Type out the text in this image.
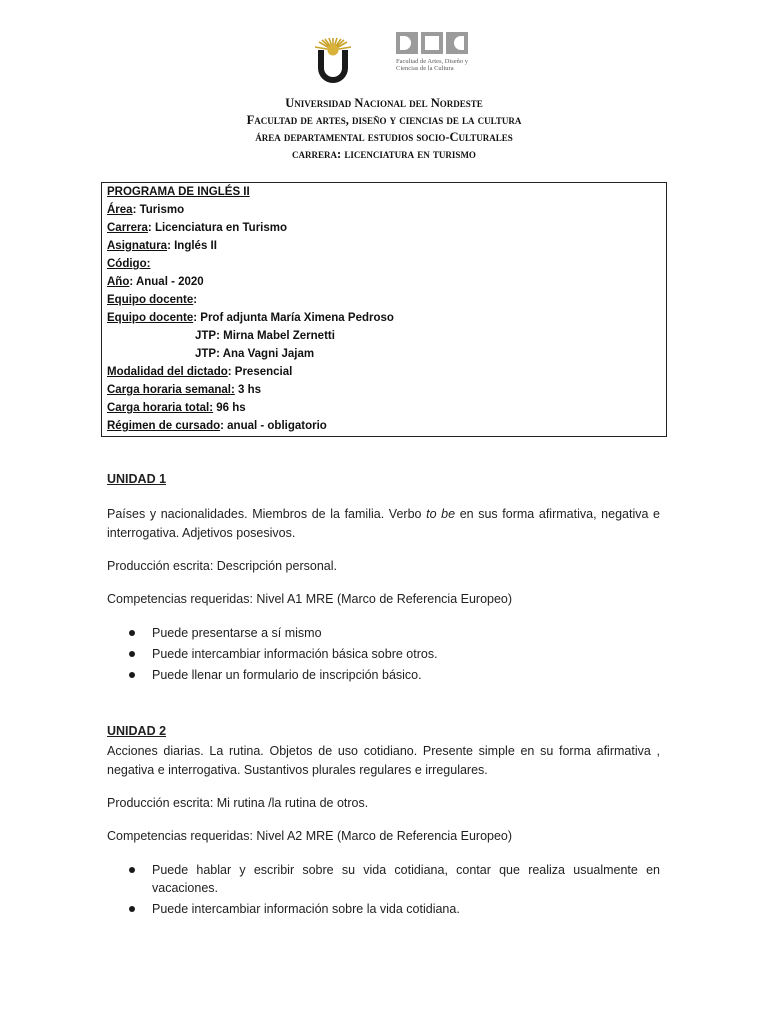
Facultad de Artes, Diseño y Ciencias de la Cultura
Universidad Nacional del Nordeste
Facultad de artes, diseño y ciencias de la cultura
área departamental estudios socio-Culturales
carrera: licenciatura en turismo
PROGRAMA DE INGLÉS II
Área: Turismo
Carrera: Licenciatura en Turismo
Asignatura: Inglés II
Código:
Año: Anual - 2020
Equipo docente:
Equipo docente: Prof adjunta María Ximena Pedroso
JTP: Mirna Mabel Zernetti
JTP: Ana Vagni Jajam
Modalidad del dictado: Presencial
Carga horaria semanal: 3 hs
Carga horaria total: 96 hs
Régimen de cursado: anual - obligatorio
UNIDAD 1
Países y nacionalidades. Miembros de la familia. Verbo to be en sus forma afirmativa, negativa e interrogativa. Adjetivos posesivos.
Producción escrita: Descripción personal.
Competencias requeridas: Nivel A1 MRE (Marco de Referencia Europeo)
Puede presentarse a sí mismo
Puede intercambiar información básica sobre otros.
Puede llenar un formulario de inscripción básico.
UNIDAD 2
Acciones diarias. La rutina. Objetos de uso cotidiano. Presente simple en su forma afirmativa , negativa e interrogativa. Sustantivos plurales regulares e irregulares.
Producción escrita: Mi rutina /la rutina de otros.
Competencias requeridas: Nivel A2 MRE (Marco de Referencia Europeo)
Puede hablar y escribir sobre su vida cotidiana, contar que realiza usualmente en vacaciones.
Puede intercambiar información sobre la vida cotidiana.
